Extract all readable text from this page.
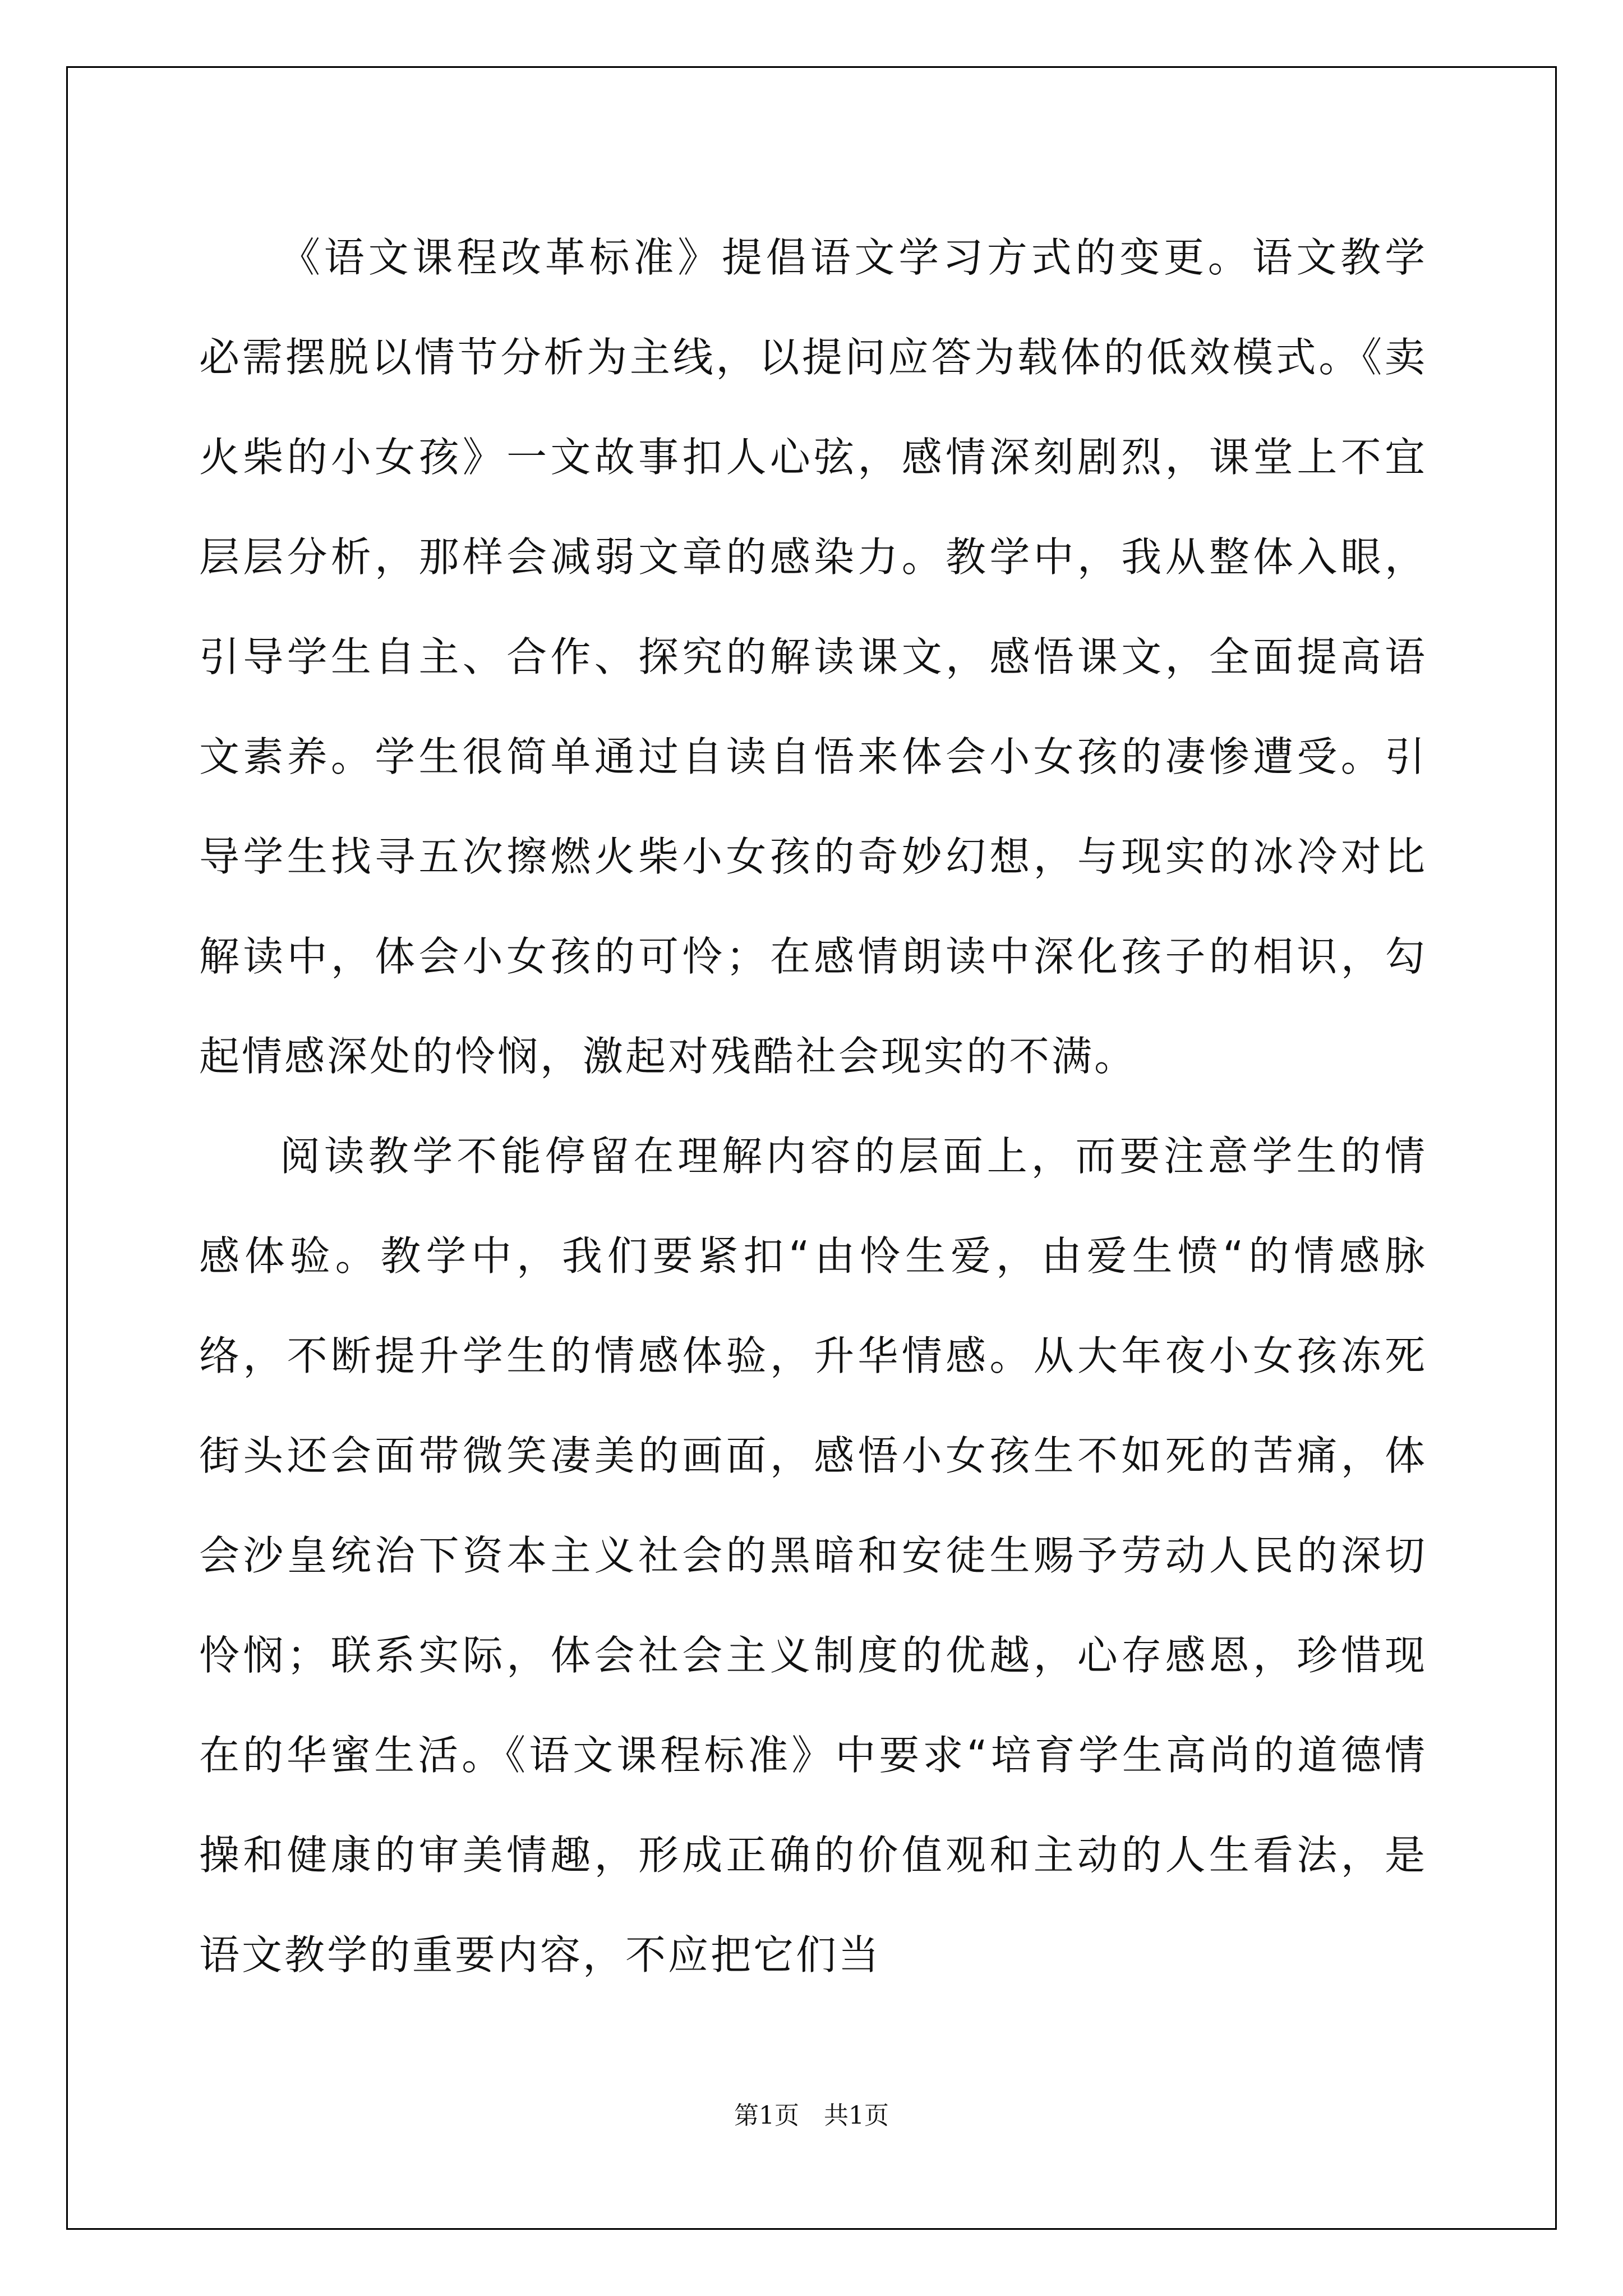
《语文课程改革标准》提倡语文学习方式的变更。语文教学必需摆脱以情节分析为主线，以提问应答为载体的低效模式。《卖火柴的小女孩》一文故事扣人心弦，感情深刻剧烈，课堂上不宜层层分析，那样会减弱文章的感染力。教学中，我从整体入眼，引导学生自主、合作、探究的解读课文，感悟课文，全面提高语文素养。学生很简单通过自读自悟来体会小女孩的凄惨遭受。引导学生找寻五次擦燃火柴小女孩的奇妙幻想，与现实的冰冷对比解读中，体会小女孩的可怜；在感情朗读中深化孩子的相识，勾起情感深处的怜悯，激起对残酷社会现实的不满。

阅读教学不能停留在理解内容的层面上，而要注意学生的情感体验。教学中，我们要紧扣“由怜生爱，由爱生愤“的情感脉络，不断提升学生的情感体验，升华情感。从大年夜小女孩冻死街头还会面带微笑凄美的画面，感悟小女孩生不如死的苦痛，体会沙皇统治下资本主义社会的黑暗和安徒生赐予劳动人民的深切怜悯；联系实际，体会社会主义制度的优越，心存感恩，珍惜现在的华蜜生活。《语文课程标准》中要求“培育学生高尚的道德情操和健康的审美情趣，形成正确的价值观和主动的人生看法，是语文教学的重要内容，不应把它们当

第1页　共1页
